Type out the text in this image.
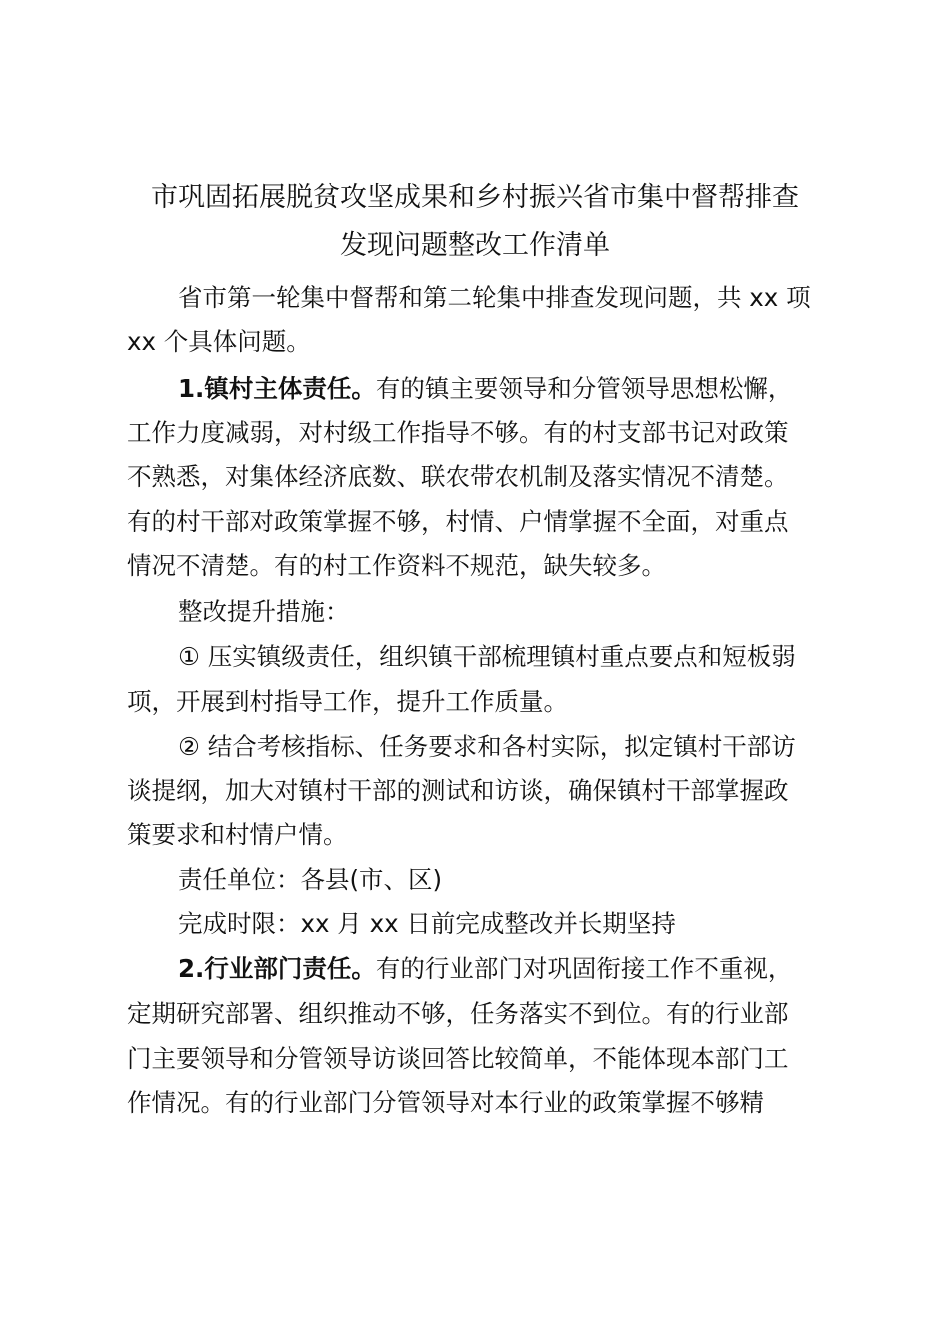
市巩固拓展脱贫攻坚成果和乡村振兴省市集中督帮排查
发现问题整改工作清单

省市第一轮集中督帮和第二轮集中排查发现问题，共 xx 项

xx 个具体问题。

1.镇村主体责任。有的镇主要领导和分管领导思想松懈，

工作力度减弱，对村级工作指导不够。有的村支部书记对政策

不熟悉，对集体经济底数、联农带农机制及落实情况不清楚。

有的村干部对政策掌握不够，村情、户情掌握不全面，对重点

情况不清楚。有的村工作资料不规范，缺失较多。

整改提升措施：

① 压实镇级责任，组织镇干部梳理镇村重点要点和短板弱

项，开展到村指导工作，提升工作质量。

② 结合考核指标、任务要求和各村实际，拟定镇村干部访

谈提纲，加大对镇村干部的测试和访谈，确保镇村干部掌握政

策要求和村情户情。

责任单位：各县(市、区)

完成时限：xx 月 xx 日前完成整改并长期坚持

2.行业部门责任。有的行业部门对巩固衔接工作不重视，

定期研究部署、组织推动不够，任务落实不到位。有的行业部

门主要领导和分管领导访谈回答比较简单，不能体现本部门工

作情况。有的行业部门分管领导对本行业的政策掌握不够精
